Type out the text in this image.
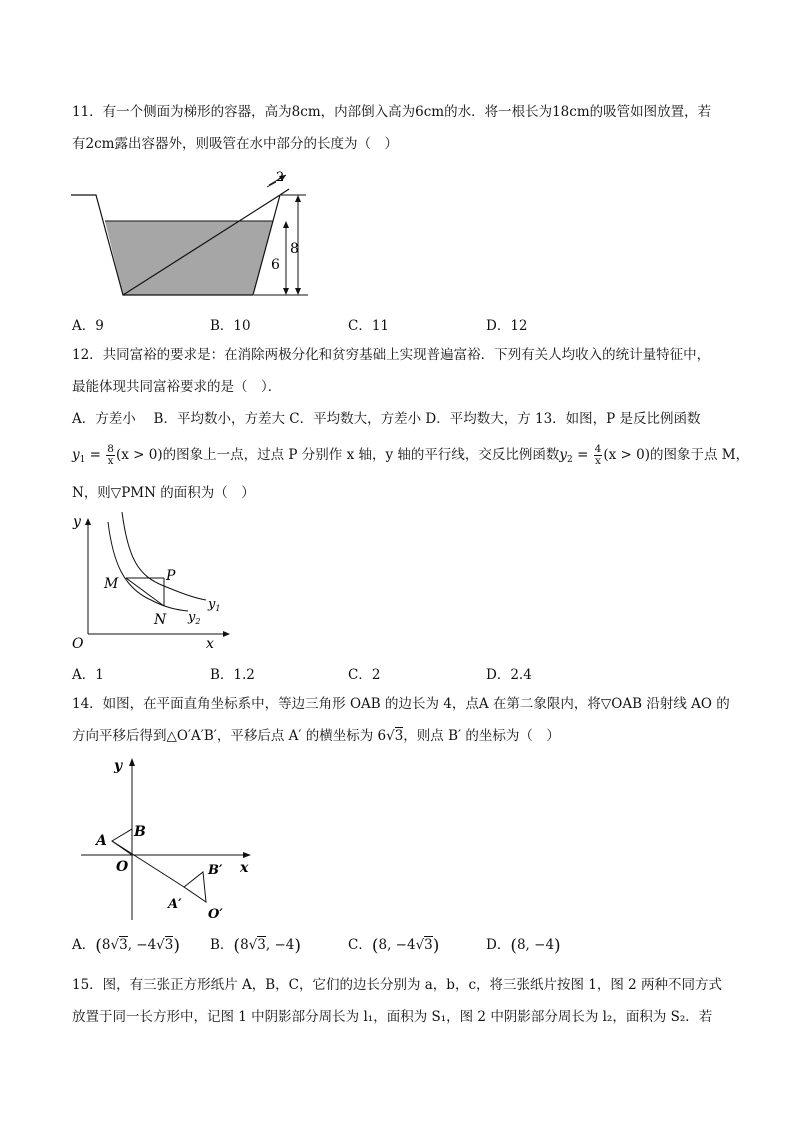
11．有一个侧面为梯形的容器，高为8cm，内部倒入高为6cm的水．将一根长为18cm的吸管如图放置，若
有2cm露出容器外，则吸管在水中部分的长度为（　）
2
8
6
A．9	B．10	C．11	D．12
12．共同富裕的要求是：在消除两极分化和贫穷基础上实现普遍富裕．下列有关人均收入的统计量特征中，
最能体现共同富裕要求的是（　）．
A．方差小　 B．平均数小，方差大 C．平均数大，方差小 D．平均数大，方 13．如图，P 是反比例函数
$y_1 = \frac{8}{x} (x > 0)$的图象上一点，过点 P 分别作 x 轴，y 轴的平行线，交反比例函数$y_2 = \frac{4}{x} (x > 0)$的图象于点 M，
N，则▽PMN 的面积为（　）
y
x
O
M	P
N
$y_1$
$y_2$
A．1	B．1.2	C．2	D．2.4
14．如图，在平面直角坐标系中，等边三角形 OAB 的边长为 4，点A 在第二象限内，将▽OAB 沿射线 AO 的
方向平移后得到△O′A′B′，平移后点 A′ 的横坐标为 6√3，则点 B′ 的坐标为（　）
y
x
O
A
B
A′
B′
O′
A．(8√3, −4√3) B．(8√3, −4)	C．(8, −4√3)	D．(8, −4)
15．图，有三张正方形纸片 A，B，C，它们的边长分别为 a，b，c，将三张纸片按图 1，图 2 两种不同方式
放置于同一长方形中，记图 1 中阴影部分周长为 l₁，面积为 S₁，图 2 中阴影部分周长为 l₂，面积为 S₂．若
